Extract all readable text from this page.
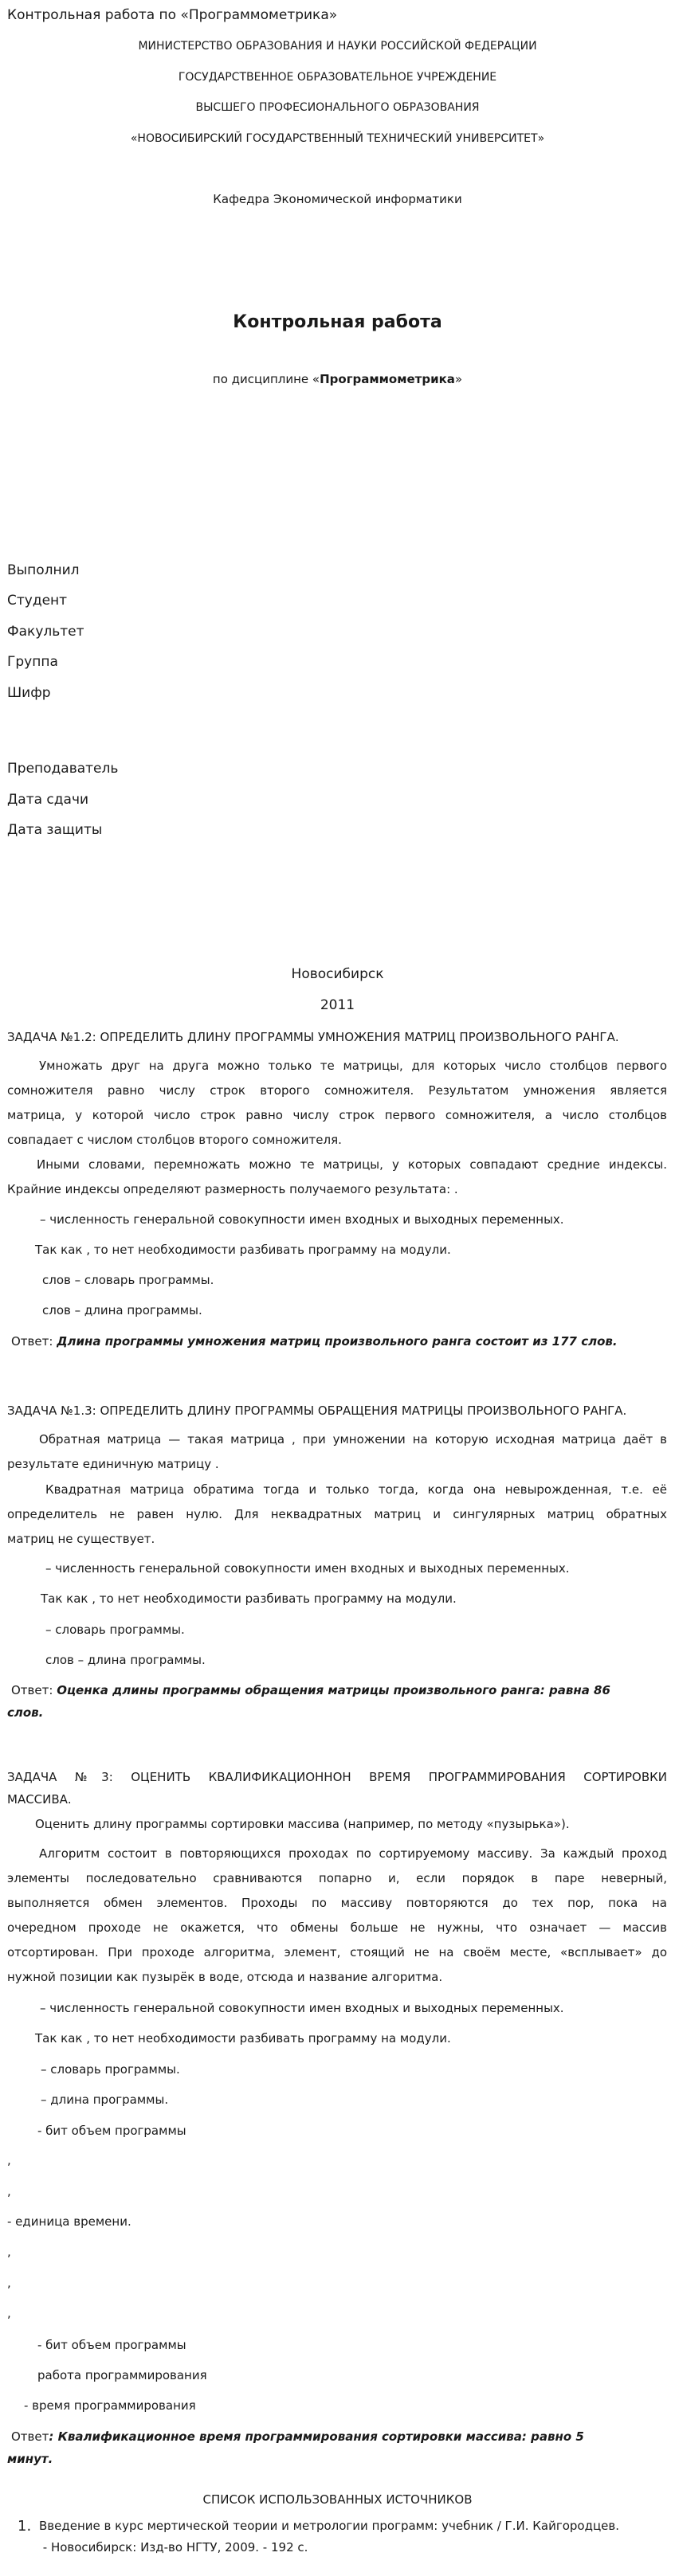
Контрольная работа по «Программометрика»
МИНИСТЕРСТВО ОБРАЗОВАНИЯ И НАУКИ РОССИЙСКОЙ ФЕДЕРАЦИИ
ГОСУДАРСТВЕННОЕ ОБРАЗОВАТЕЛЬНОЕ УЧРЕЖДЕНИЕ
ВЫСШЕГО ПРОФЕСИОНАЛЬНОГО ОБРАЗОВАНИЯ
«НОВОСИБИРСКИЙ ГОСУДАРСТВЕННЫЙ ТЕХНИЧЕСКИЙ УНИВЕРСИТЕТ»
Кафедра Экономической информатики
Контрольная работа
по дисциплине «Программометрика»
Выполнил
Студент
Факультет
Группа
Шифр
Преподаватель
Дата сдачи
Дата защиты
Новосибирск
2011
ЗАДАЧА №1.2: ОПРЕДЕЛИТЬ ДЛИНУ ПРОГРАММЫ УМНОЖЕНИЯ МАТРИЦ ПРОИЗВОЛЬНОГО РАНГА.
Умножать друг на друга можно только те матрицы, для которых число столбцов первого
сомножителя равно числу строк второго сомножителя. Результатом умножения является
матрица, у которой число строк равно числу строк первого сомножителя, а число столбцов
совпадает с числом столбцов второго сомножителя.
Иными словами, перемножать можно те матрицы, у которых совпадают средние индексы.
Крайние индексы определяют размерность получаемого результата: .
– численность генеральной совокупности имен входных и выходных переменных.
Так как , то нет необходимости разбивать программу на модули.
слов – словарь программы.
слов – длина программы.
Ответ: Длина программы умножения матриц произвольного ранга состоит из 177 слов.
ЗАДАЧА №1.3: ОПРЕДЕЛИТЬ ДЛИНУ ПРОГРАММЫ ОБРАЩЕНИЯ МАТРИЦЫ ПРОИЗВОЛЬНОГО РАНГА.
Обратная матрица — такая матрица , при умножении на которую исходная матрица даёт в
результате единичную матрицу .
Квадратная матрица обратима тогда и только тогда, когда она невырожденная, т.е. её
определитель не равен нулю. Для неквадратных матриц и сингулярных матриц обратных
матриц не существует.
– численность генеральной совокупности имен входных и выходных переменных.
Так как , то нет необходимости разбивать программу на модули.
– словарь программы.
слов – длина программы.
Ответ: Оценка длины программы обращения матрицы произвольного ранга: равна 86
слов.
ЗАДАЧА №3: ОЦЕНИТЬ КВАЛИФИКАЦИОННОН ВРЕМЯ ПРОГРАММИРОВАНИЯ СОРТИРОВКИ
МАССИВА.
Оценить длину программы сортировки массива (например, по методу «пузырька»).
Алгоритм состоит в повторяющихся проходах по сортируемому массиву. За каждый проход
элементы последовательно сравниваются попарно и, если порядок в паре неверный,
выполняется обмен элементов. Проходы по массиву повторяются до тех пор, пока на
очередном проходе не окажется, что обмены больше не нужны, что означает — массив
отсортирован. При проходе алгоритма, элемент, стоящий не на своём месте, «всплывает» до
нужной позиции как пузырёк в воде, отсюда и название алгоритма.
– численность генеральной совокупности имен входных и выходных переменных.
Так как , то нет необходимости разбивать программу на модули.
– словарь программы.
– длина программы.
- бит объем программы
,
,
- единица времени.
,
,
,
- бит объем программы
работа программирования
- время программирования
Ответ: Квалификационное время программирования сортировки массива: равно 5
минут.
СПИСОК ИСПОЛЬЗОВАННЫХ ИСТОЧНИКОВ
1. Введение в курс мертической теории и метрологии программ: учебник / Г.И. Кайгородцев.
- Новосибирск: Изд-во НГТУ, 2009. - 192 с.
